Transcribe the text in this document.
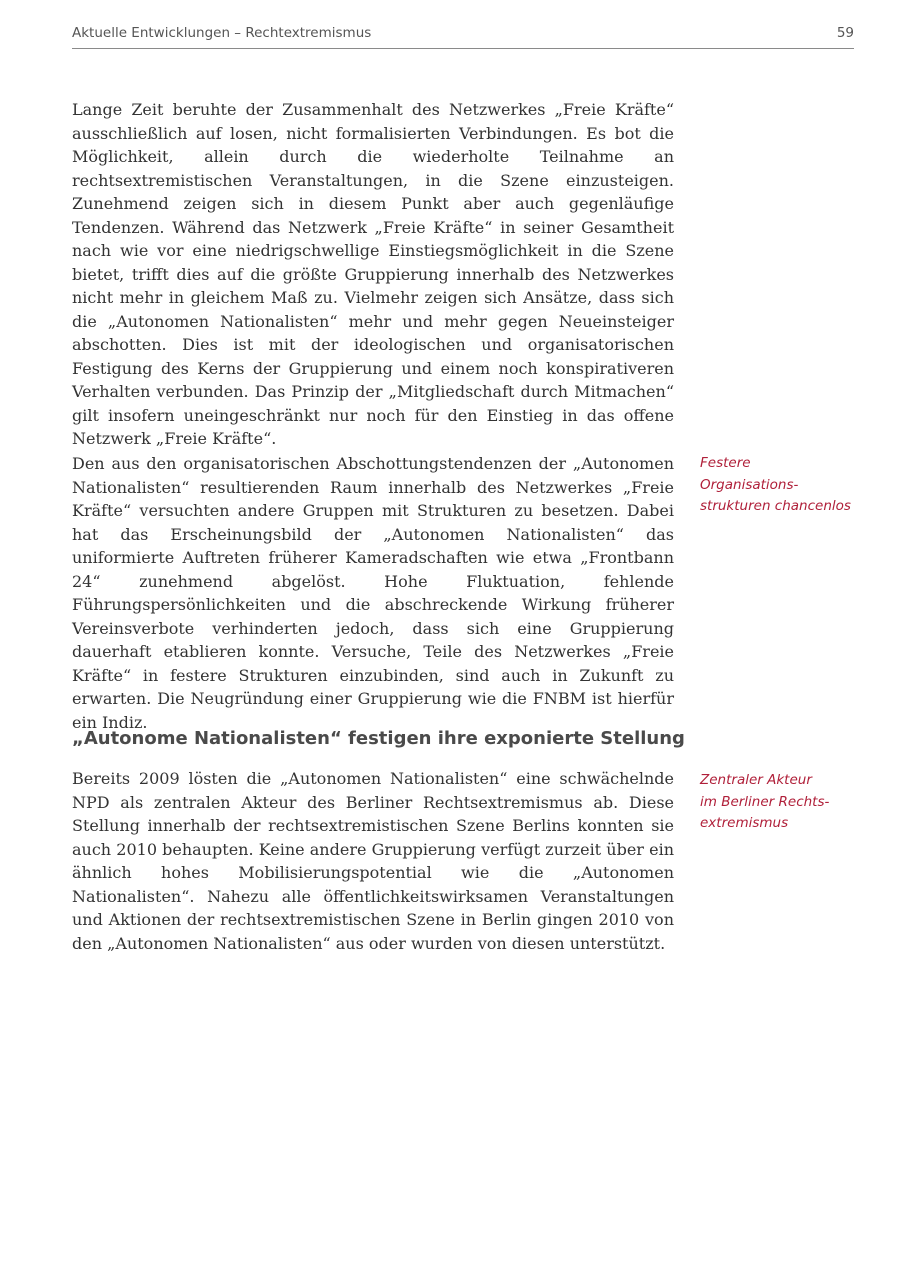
Aktuelle Entwicklungen – Rechtextremismus	59

Lange Zeit beruhte der Zusammenhalt des Netzwerkes „Freie Kräfte“ ausschließlich auf losen, nicht formalisierten Verbindungen. Es bot die Möglichkeit, allein durch die wiederholte Teilnahme an rechtsextremistischen Veranstaltungen, in die Szene einzusteigen. Zunehmend zeigen sich in diesem Punkt aber auch gegenläufige Tendenzen. Während das Netzwerk „Freie Kräfte“ in seiner Gesamtheit nach wie vor eine niedrigschwellige Einstiegsmöglichkeit in die Szene bietet, trifft dies auf die größte Gruppierung innerhalb des Netzwerkes nicht mehr in gleichem Maß zu. Vielmehr zeigen sich Ansätze, dass sich die „Autonomen Nationalisten“ mehr und mehr gegen Neueinsteiger abschotten. Dies ist mit der ideologischen und organisatorischen Festigung des Kerns der Gruppierung und einem noch konspirativeren Verhalten verbunden. Das Prinzip der „Mitgliedschaft durch Mitmachen“ gilt insofern uneingeschränkt nur noch für den Einstieg in das offene Netzwerk „Freie Kräfte“.

Festere
Organisations-
strukturen chancenlos

Den aus den organisatorischen Abschottungstendenzen der „Autonomen Nationalisten“ resultierenden Raum innerhalb des Netzwerkes „Freie Kräfte“ versuchten andere Gruppen mit Strukturen zu besetzen. Dabei hat das Erscheinungsbild der „Autonomen Nationalisten“ das uniformierte Auftreten früherer Kameradschaften wie etwa „Frontbann 24“ zunehmend abgelöst. Hohe Fluktuation, fehlende Führungspersönlichkeiten und die abschreckende Wirkung früherer Vereinsverbote verhinderten jedoch, dass sich eine Gruppierung dauerhaft etablieren konnte. Versuche, Teile des Netzwerkes „Freie Kräfte“ in festere Strukturen einzubinden, sind auch in Zukunft zu erwarten. Die Neugründung einer Gruppierung wie die FNBM ist hierfür ein Indiz.

„Autonome Nationalisten“ festigen ihre exponierte Stellung

Zentraler Akteur
im Berliner Rechts-
extremismus

Bereits 2009 lösten die „Autonomen Nationalisten“ eine schwächelnde NPD als zentralen Akteur des Berliner Rechtsextremismus ab. Diese Stellung innerhalb der rechtsextremistischen Szene Berlins konnten sie auch 2010 behaupten. Keine andere Gruppierung verfügt zurzeit über ein ähnlich hohes Mobilisierungspotential wie die „Autonomen Nationalisten“. Nahezu alle öffentlichkeitswirksamen Veranstaltungen und Aktionen der rechtsextremistischen Szene in Berlin gingen 2010 von den „Autonomen Nationalisten“ aus oder wurden von diesen unterstützt.
